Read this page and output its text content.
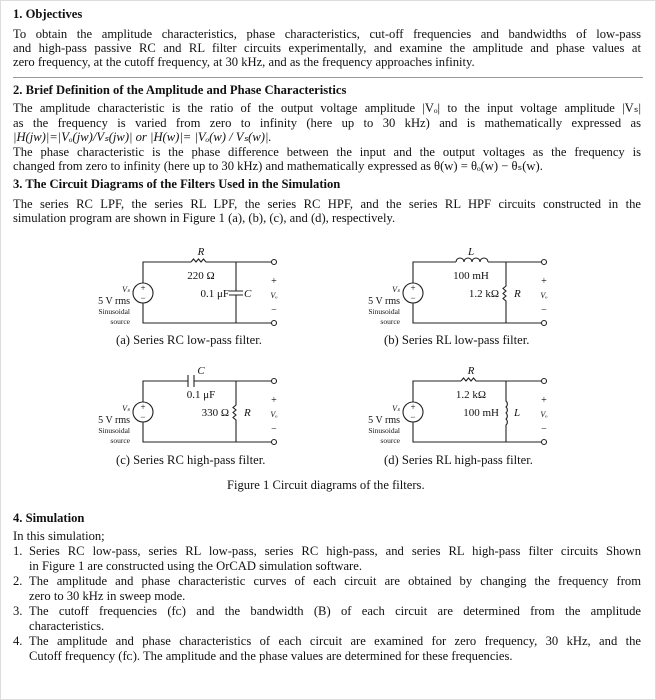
1. Objectives
To obtain the amplitude characteristics, phase characteristics, cut-off frequencies and bandwidths of low-pass
and high-pass passive RC and RL filter circuits experimentally, and examine the amplitude and phase values at
zero frequency, at the cutoff frequency, at 30 kHz, and as the frequency approaches infinity.
2. Brief Definition of the Amplitude and Phase Characteristics
The amplitude characteristic is the ratio of the output voltage amplitude |Vₒ| to the input voltage amplitude |Vₛ|
as the frequency is varied from zero to infinity (here up to 30 kHz) and is mathematically expressed as
|H(jw)|=|Vₒ(jw)/Vₛ(jw)| or |H(w)|= |Vₒ(w) / Vₛ(w)|.
The phase characteristic is the phase difference between the input and the output voltages as the frequency is
changed from zero to infinity (here up to 30 kHz) and mathematically expressed as θ(w) = θₒ(w) − θₛ(w).
3. The Circuit Diagrams of the Filters Used in the Simulation
The series RC LPF, the series RL LPF, the series RC HPF, and the series RL HPF circuits constructed in the
simulation program are shown in Figure 1 (a), (b), (c), and (d), respectively.
+
−
Vₛ
5 V rms
Sinusoidal
source
+
Vₒ
−
R
220 Ω
0.1 μF C	+
−
Vₛ
5 V rms
Sinusoidal
source
+
Vₒ
−
L
100 mH
1.2 kΩ R
+
−
Vₛ
5 V rms
Sinusoidal
source
+
Vₒ
−
C
0.1 μF
330 Ω R	+
−
Vₛ
5 V rms
Sinusoidal
source
+
Vₒ
−
R
1.2 kΩ
100 mH L
(a) Series RC low-pass filter.	(b) Series RL low-pass filter.
(c) Series RC high-pass filter.	(d) Series RL high-pass filter.
Figure 1 Circuit diagrams of the filters.
4. Simulation
In this simulation;
1. Series RC low-pass, series RL low-pass, series RC high-pass, and series RL high-pass filter circuits Shown
in Figure 1 are constructed using the OrCAD simulation software.
2. The amplitude and phase characteristic curves of each circuit are obtained by changing the frequency from
zero to 30 kHz in sweep mode.
3. The cutoff frequencies (fᴄ) and the bandwidth (B) of each circuit are determined from the amplitude
characteristics.
4. The amplitude and phase characteristics of each circuit are examined for zero frequency, 30 kHz, and the
Cutoff frequency (fᴄ). The amplitude and the phase values are determined for these frequencies.
